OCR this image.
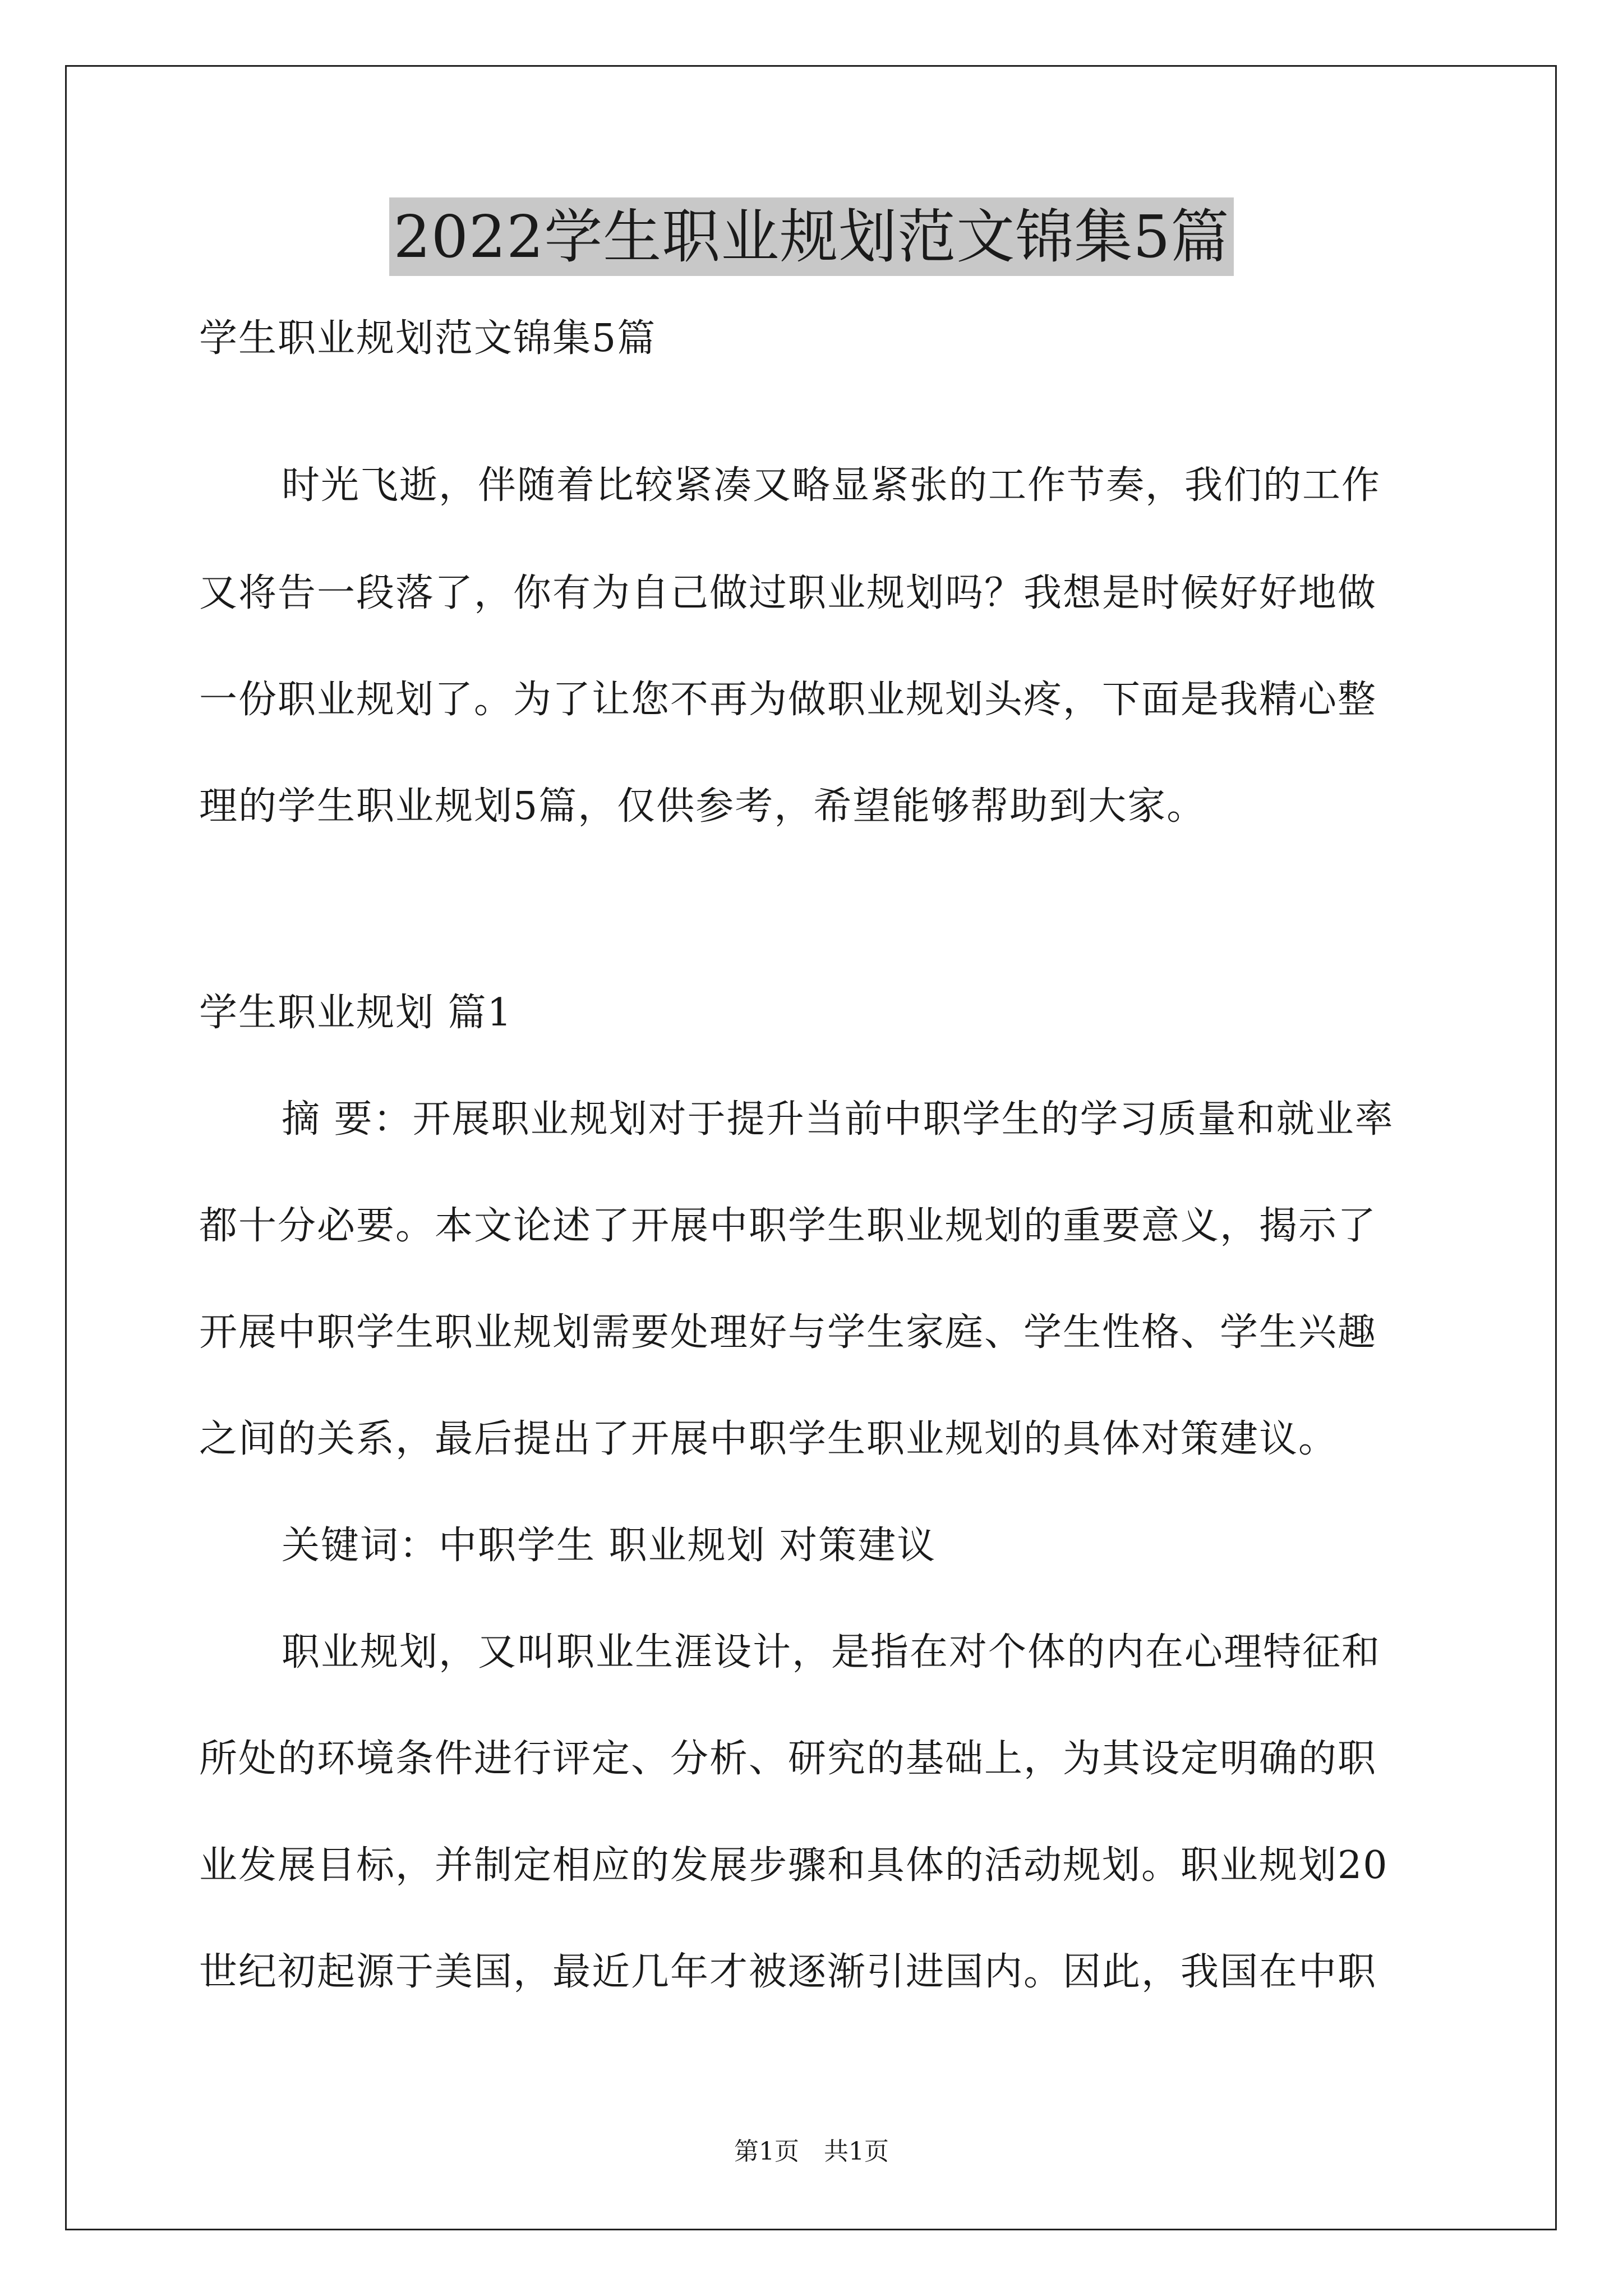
2022学生职业规划范文锦集5篇
学生职业规划范文锦集5篇
时光飞逝，伴随着比较紧凑又略显紧张的工作节奏，我们的工作
又将告一段落了，你有为自己做过职业规划吗？我想是时候好好地做
一份职业规划了。为了让您不再为做职业规划头疼，下面是我精心整
理的学生职业规划5篇，仅供参考，希望能够帮助到大家。
学生职业规划 篇1
摘 要：开展职业规划对于提升当前中职学生的学习质量和就业率
都十分必要。本文论述了开展中职学生职业规划的重要意义，揭示了
开展中职学生职业规划需要处理好与学生家庭、学生性格、学生兴趣
之间的关系，最后提出了开展中职学生职业规划的具体对策建议。
关键词：中职学生 职业规划 对策建议
职业规划，又叫职业生涯设计，是指在对个体的内在心理特征和
所处的环境条件进行评定、分析、研究的基础上，为其设定明确的职
业发展目标，并制定相应的发展步骤和具体的活动规划。职业规划20
世纪初起源于美国，最近几年才被逐渐引进国内。因此，我国在中职
第1页　共1页
